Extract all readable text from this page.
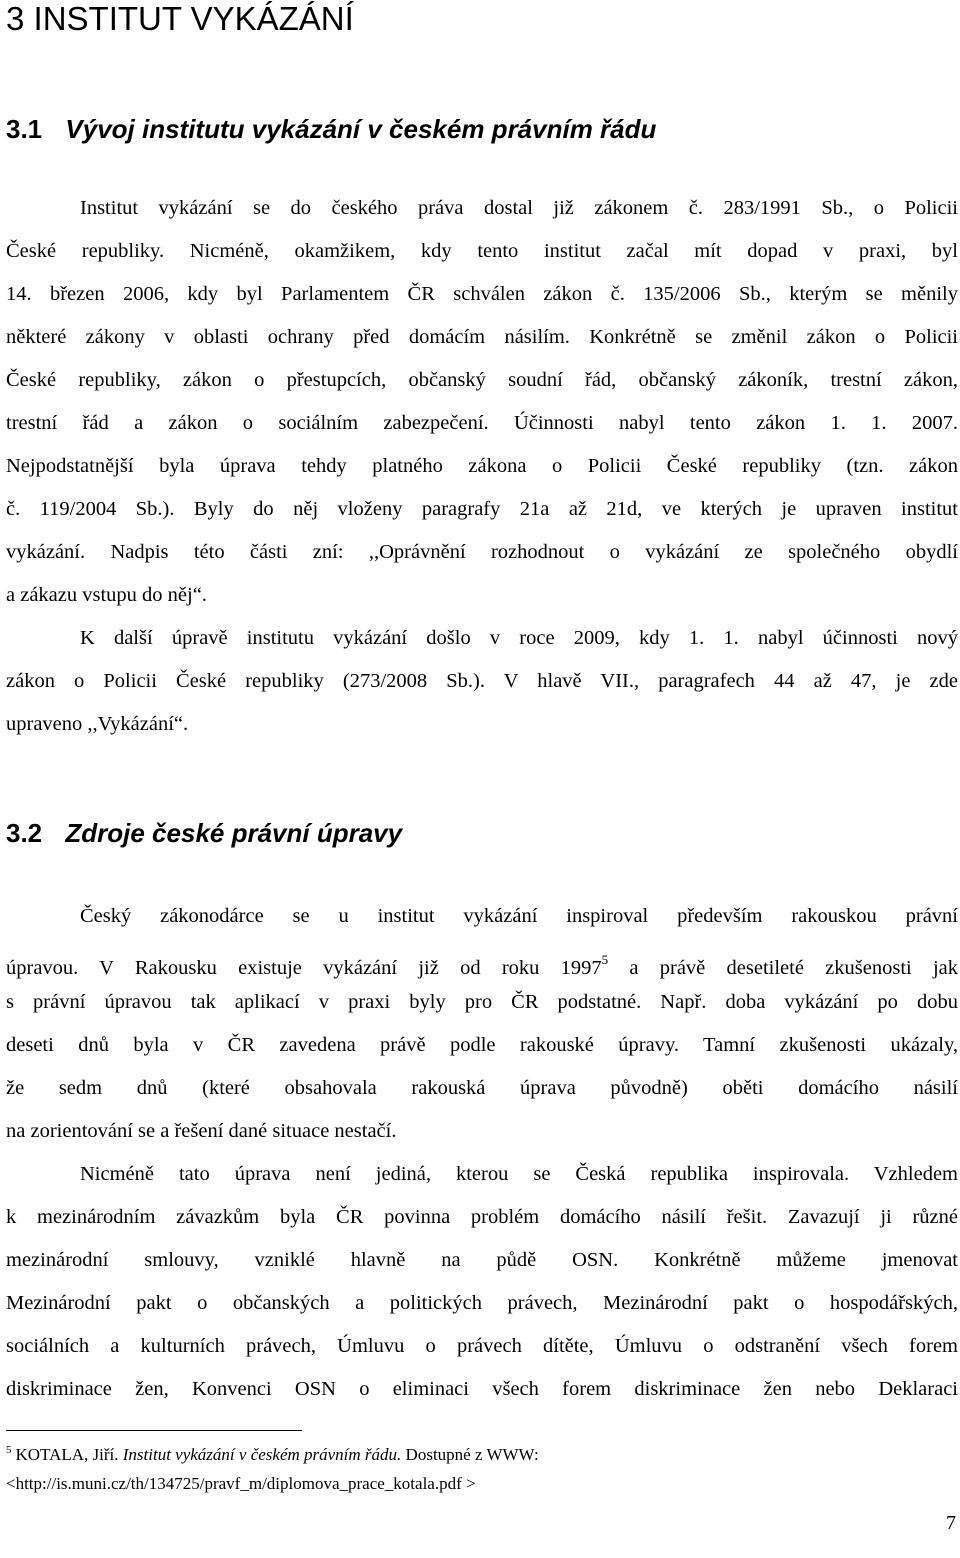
3 INSTITUT VYKÁZÁNÍ
3.1 Vývoj institutu vykázání v českém právním řádu
Institut vykázání se do českého práva dostal již zákonem č. 283/1991 Sb., o Policii
České republiky. Nicméně, okamžikem, kdy tento institut začal mít dopad v praxi, byl
14. březen 2006, kdy byl Parlamentem ČR schválen zákon č. 135/2006 Sb., kterým se měnily
některé zákony v oblasti ochrany před domácím násilím. Konkrétně se změnil zákon o Policii
České republiky, zákon o přestupcích, občanský soudní řád, občanský zákoník, trestní zákon,
trestní řád a zákon o sociálním zabezpečení. Účinnosti nabyl tento zákon 1. 1. 2007.
Nejpodstatnější byla úprava tehdy platného zákona o Policii České republiky (tzn. zákon
č. 119/2004 Sb.). Byly do něj vloženy paragrafy 21a až 21d, ve kterých je upraven institut
vykázání. Nadpis této části zní: ,,Oprávnění rozhodnout o vykázání ze společného obydlí
a zákazu vstupu do něj“.
K další úpravě institutu vykázání došlo v roce 2009, kdy 1. 1. nabyl účinnosti nový
zákon o Policii České republiky (273/2008 Sb.). V hlavě VII., paragrafech 44 až 47, je zde
upraveno ,,Vykázání“.
3.2 Zdroje české právní úpravy
Český zákonodárce se u institut vykázání inspiroval především rakouskou právní
úpravou. V Rakousku existuje vykázání již od roku 1997$^5$ a právě desetileté zkušenosti jak
s právní úpravou tak aplikací v praxi byly pro ČR podstatné. Např. doba vykázání po dobu
deseti dnů byla v ČR zavedena právě podle rakouské úpravy. Tamní zkušenosti ukázaly,
že sedm dnů (které obsahovala rakouská úprava původně) oběti domácího násilí
na zorientování se a řešení dané situace nestačí.
Nicméně tato úprava není jediná, kterou se Česká republika inspirovala. Vzhledem
k mezinárodním závazkům byla ČR povinna problém domácího násilí řešit. Zavazují ji různé
mezinárodní smlouvy, vzniklé hlavně na půdě OSN. Konkrétně můžeme jmenovat
Mezinárodní pakt o občanských a politických právech, Mezinárodní pakt o hospodářských,
sociálních a kulturních právech, Úmluvu o právech dítěte, Úmluvu o odstranění všech forem
diskriminace žen, Konvenci OSN o eliminaci všech forem diskriminace žen nebo Deklaraci
$^5$ KOTALA, Jiří. Institut vykázání v českém právním řádu. Dostupné z WWW:
<http://is.muni.cz/th/134725/pravf_m/diplomova_prace_kotala.pdf >
7
